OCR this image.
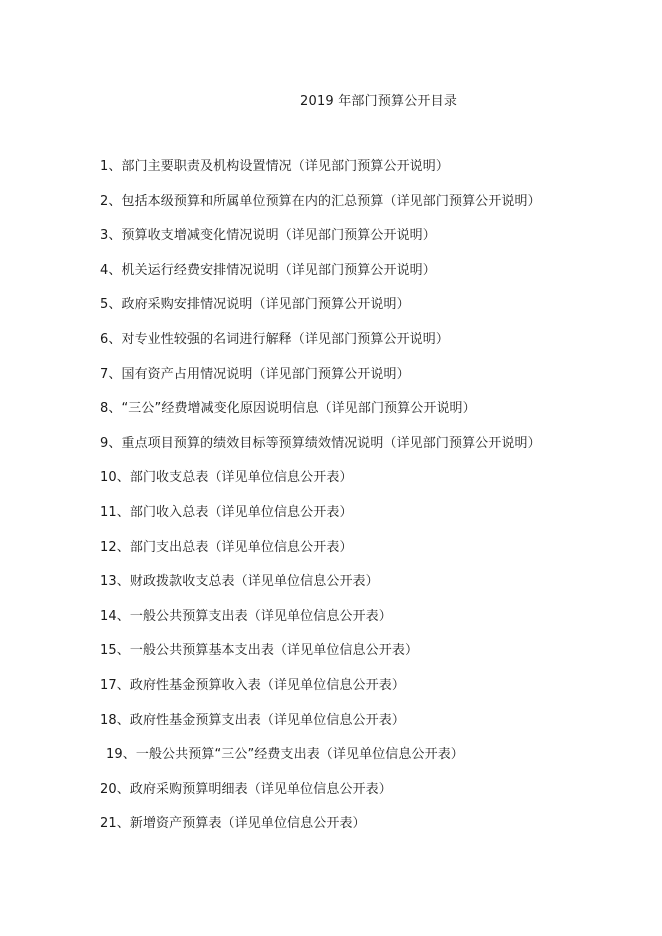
2019 年部门预算公开目录
1、部门主要职责及机构设置情况（详见部门预算公开说明）
2、包括本级预算和所属单位预算在内的汇总预算（详见部门预算公开说明）
3、预算收支增减变化情况说明（详见部门预算公开说明）
4、机关运行经费安排情况说明（详见部门预算公开说明）
5、政府采购安排情况说明（详见部门预算公开说明）
6、对专业性较强的名词进行解释（详见部门预算公开说明）
7、国有资产占用情况说明（详见部门预算公开说明）
8、“三公”经费增减变化原因说明信息（详见部门预算公开说明）
9、重点项目预算的绩效目标等预算绩效情况说明（详见部门预算公开说明）
10、部门收支总表（详见单位信息公开表）
11、部门收入总表（详见单位信息公开表）
12、部门支出总表（详见单位信息公开表）
13、财政拨款收支总表（详见单位信息公开表）
14、一般公共预算支出表（详见单位信息公开表）
15、一般公共预算基本支出表（详见单位信息公开表）
17、政府性基金预算收入表（详见单位信息公开表）
18、政府性基金预算支出表（详见单位信息公开表）
19、一般公共预算“三公”经费支出表（详见单位信息公开表）
20、政府采购预算明细表（详见单位信息公开表）
21、新增资产预算表（详见单位信息公开表）
